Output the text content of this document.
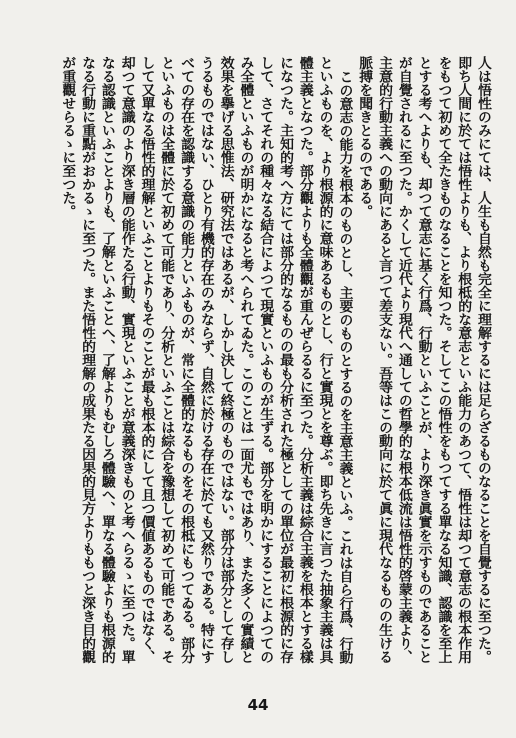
人は悟性のみにては、人生も自然も完全に理解するには足らざるものなることを自覺するに至つた。即ち人間に於ては悟性よりも、より根柢的な意志といふ能力のあつて、悟性は却つて意志の根本作用をもつて初めて全たきものなることを知つた。そしてこの悟性をもつてする單なる知識、認識を至上とする考へよりも、却つて意志に基く行爲、行動といふことが、より深き眞實を示すものであることが自覺されるに至つた。かくして近代より現代へ通しての哲學的な根本低流は悟性的啓蒙主義より、主意的行動主義への動向にあると言つて差支ない。吾等はこの動向に於て眞に現代なるものの生ける脈搏を聞きとるのである。

この意志の能力を根本のものとし、主要のものとするのを主意主義といふ。これは自ら行爲、行動といふものを、より根源的に意味あるものとし、行と實現とを尊ぶ。即ち先きに言つた抽象主義は具體主義となつた。部分觀よりも全體觀が重んぜらるるに至つた。分析主義は綜合主義を根本とする樣になつた。主知的考へ方にては部分的なるものの最も分析された極としての單位が最初に根源的に存して、さてそれの種々なる結合によつて現實といふものが生ずる。部分を明かにすることによつてのみ全體といふものが明かになると考へられてゐた。このことは一面尤もではあり、また多くの實績と效果を擧げる思惟法、研究法ではあるが、しかし決して終極のものではない。部分は部分として存しうるものではない、ひとり有機的存在のみならず、自然に於ける存在に於ても又然りである。特にすべての存在を認識する意識の能力といふものが、常に全體的なるものをその根柢にもつてゐる。部分といふものは全體に於て初めて可能であり、分析といふことは綜合を豫想して初めて可能である。そして又單なる悟性的理解といふことよりもそのことが最も根本的にして且つ價値あるものではなく、却つて意識のより深き層の能作たる行動、實現といふことが意義深きものと考へらるゝに至つた。單なる認識といふことよりも、了解といふことへ、了解よりもむしろ體驗へ、單なる體驗よりも根源的なる行動に重點がおかるゝに至つた。また悟性的理解の成果たる因果的見方よりももつと深き目的觀が重觀せらるゝに至つた。

44
